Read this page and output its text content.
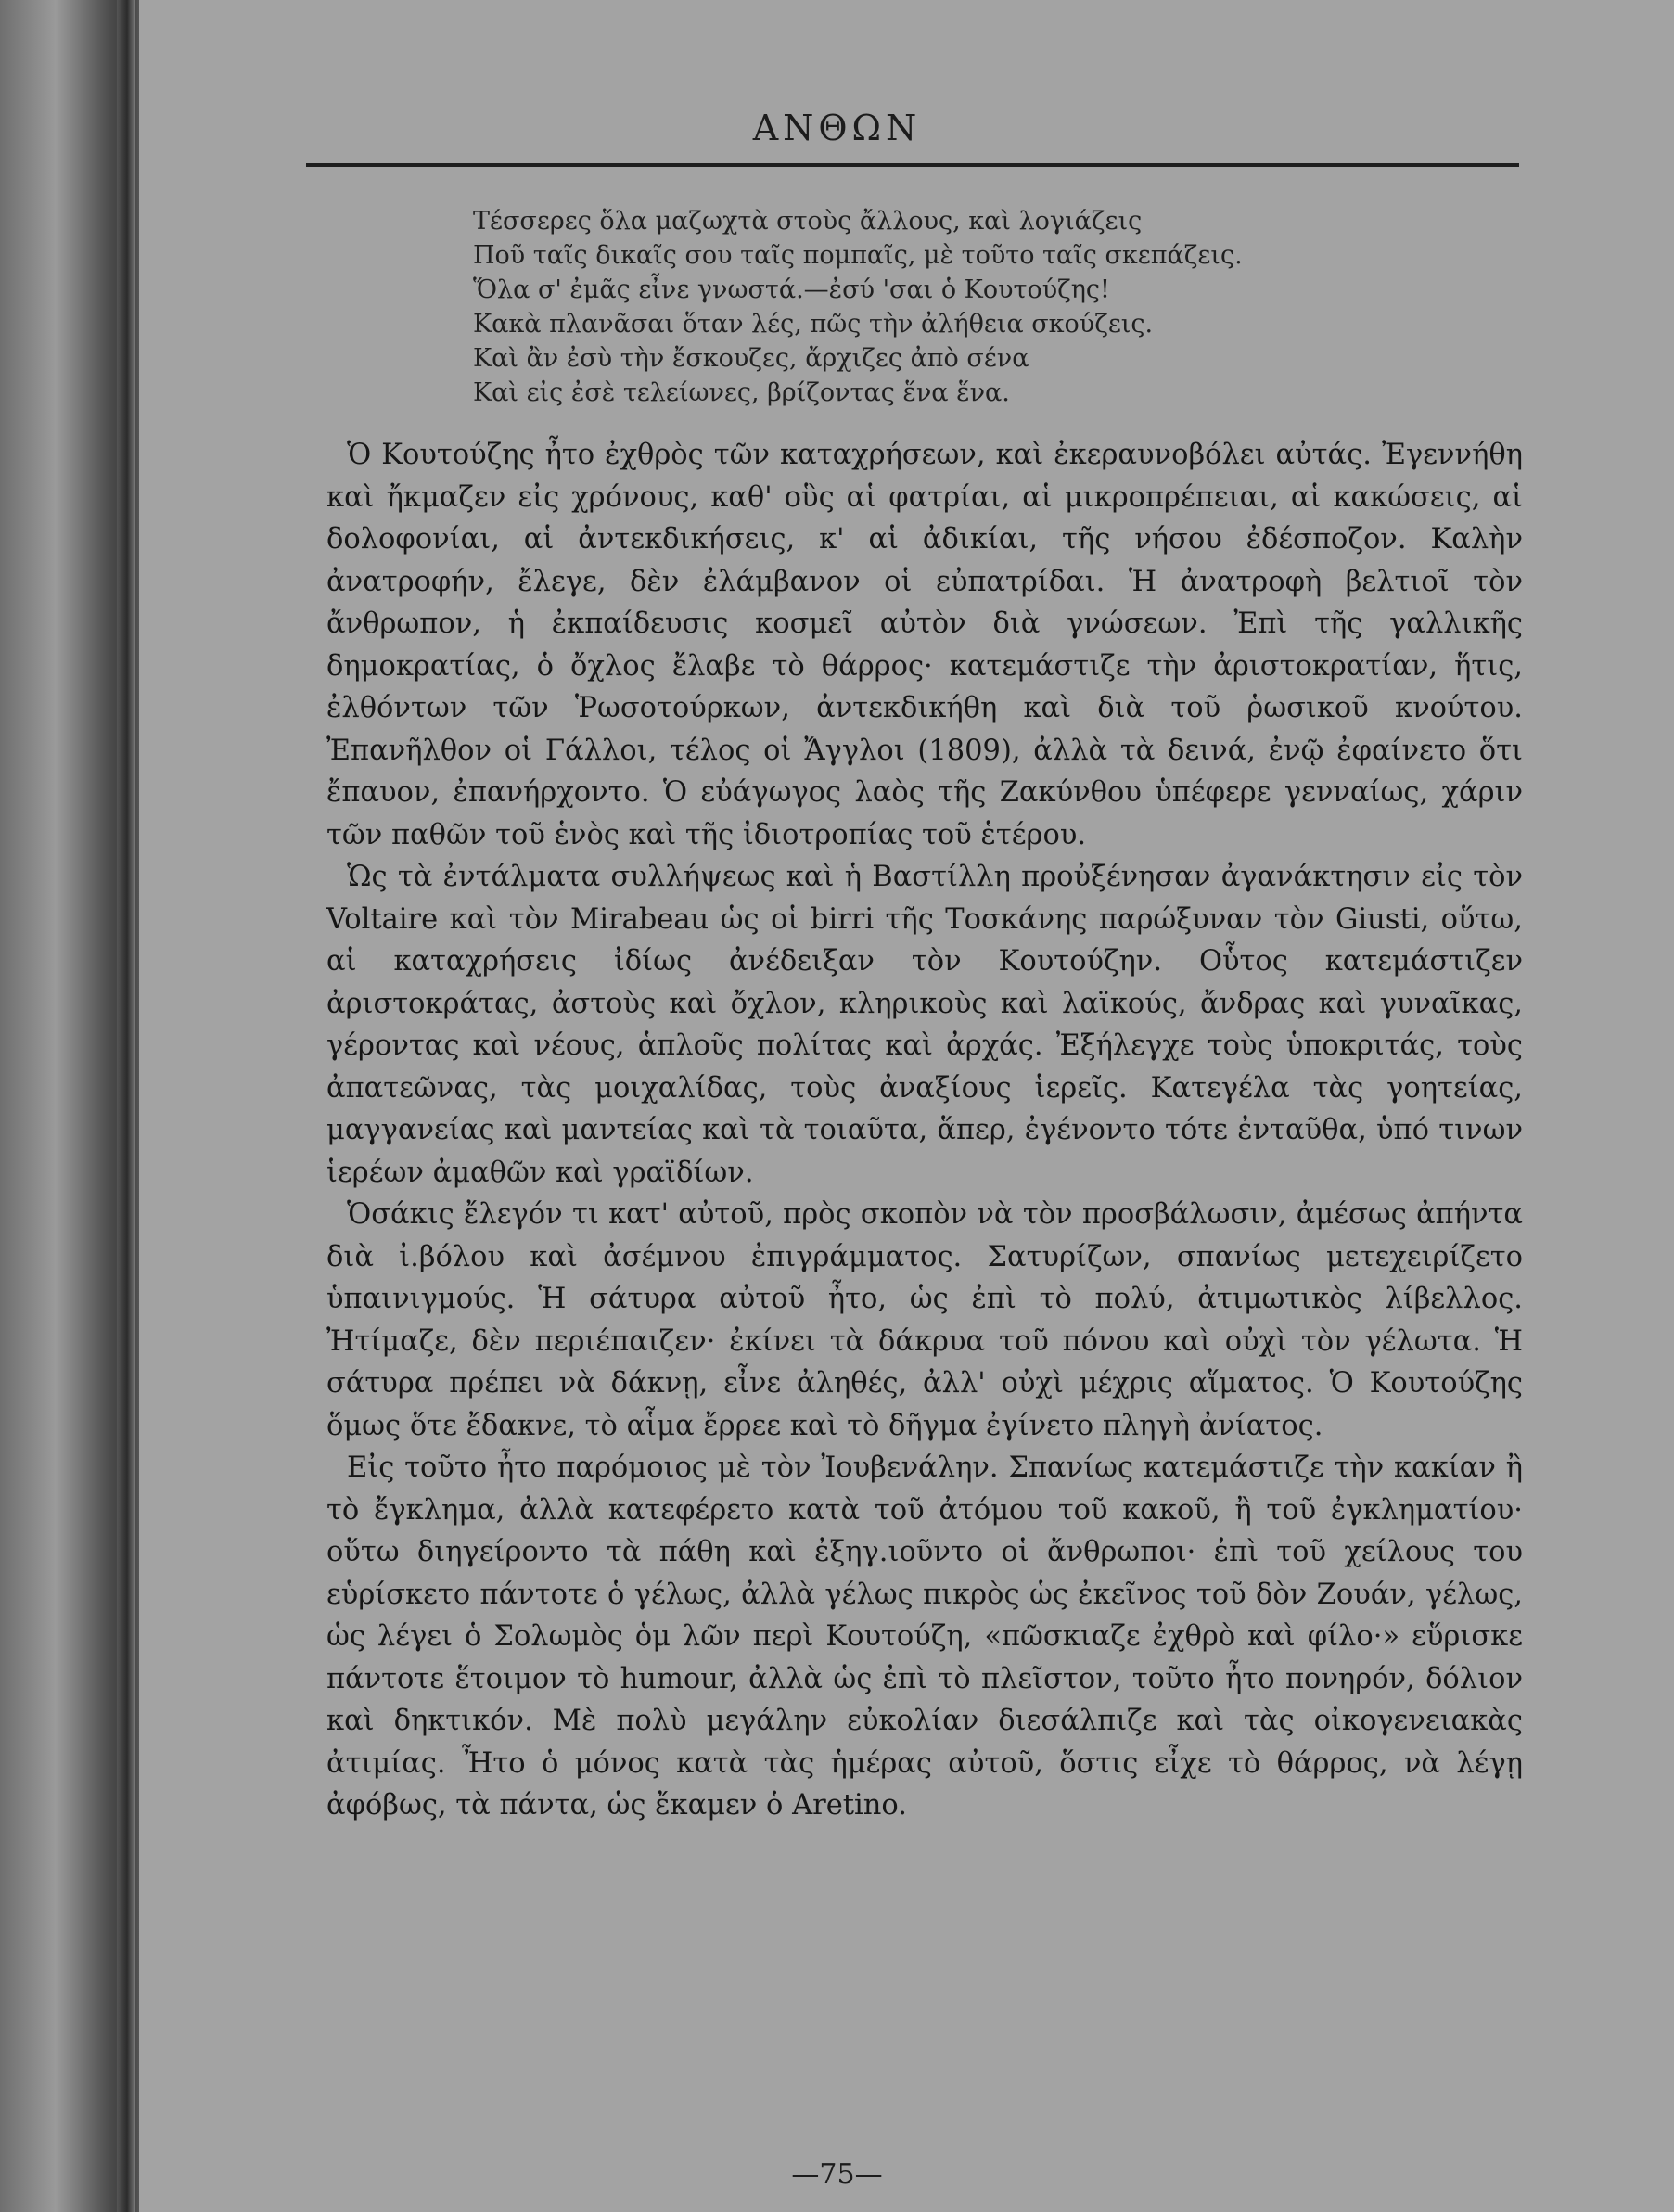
ΑΝΘΩΝ
Τέσσερες ὅλα μαζωχτὰ στοὺς ἄλλους, καὶ λογιάζεις
Ποῦ ταῖς δικαῖς σου ταῖς πομπαῖς, μὲ τοῦτο ταῖς σκεπάζεις.
Ὅλα σ' ἐμᾶς εἶνε γνωστά.—ἐσύ 'σαι ὁ Κουτούζης!
Κακὰ πλανᾶσαι ὅταν λές, πῶς τὴν ἀλήθεια σκούζεις.
Καὶ ἂν ἐσὺ τὴν ἔσκουζες, ἄρχιζες ἀπὸ σένα
Καὶ εἰς ἐσὲ τελείωνες, βρίζοντας ἕνα ἕνα.

Ὁ Κουτούζης ἦτο ἐχθρὸς τῶν καταχρήσεων, καὶ ἐκεραυνοβόλει αὐτάς. Ἐγεννήθη καὶ ἤκμαζεν εἰς χρόνους, καθ' οὓς αἱ φατρίαι, αἱ μικροπρέπειαι, αἱ κακώσεις, αἱ δολοφονίαι, αἱ ἀντεκδικήσεις, κ' αἱ ἀδικίαι, τῆς νήσου ἐδέσποζον. Καλὴν ἀνατροφήν, ἔλεγε, δὲν ἐλάμβανον οἱ εὐπατρίδαι. Ἡ ἀνατροφὴ βελτιοῖ τὸν ἄνθρωπον, ἡ ἐκπαίδευσις κοσμεῖ αὐτὸν διὰ γνώσεων. Ἐπὶ τῆς γαλλικῆς δημοκρατίας, ὁ ὄχλος ἔλαβε τὸ θάρρος· κατεμάστιζε τὴν ἀριστοκρατίαν, ἥτις, ἐλθόντων τῶν Ῥωσοτούρκων, ἀντεκδικήθη καὶ διὰ τοῦ ῥωσικοῦ κνούτου. Ἐπανῆλθον οἱ Γάλλοι, τέλος οἱ Ἄγγλοι (1809), ἀλλὰ τὰ δεινά, ἐνῷ ἐφαίνετο ὅτι ἔπαυον, ἐπανήρχοντο. Ὁ εὐάγωγος λαὸς τῆς Ζακύνθου ὑπέφερε γενναίως, χάριν τῶν παθῶν τοῦ ἑνὸς καὶ τῆς ἰδιοτροπίας τοῦ ἑτέρου.

Ὡς τὰ ἐντάλματα συλλήψεως καὶ ἡ Βαστίλλη προὐξένησαν ἀγανάκτησιν εἰς τὸν Voltaire καὶ τὸν Mirabeau ὡς οἱ birri τῆς Τοσκάνης παρώξυναν τὸν Giusti, οὕτω, αἱ καταχρήσεις ἰδίως ἀνέδειξαν τὸν Κουτούζην. Οὗτος κατεμάστιζεν ἀριστοκράτας, ἀστοὺς καὶ ὄχλον, κληρικοὺς καὶ λαϊκούς, ἄνδρας καὶ γυναῖκας, γέροντας καὶ νέους, ἁπλοῦς πολίτας καὶ ἀρχάς. Ἐξήλεγχε τοὺς ὑποκριτάς, τοὺς ἀπατεῶνας, τὰς μοιχαλίδας, τοὺς ἀναξίους ἱερεῖς. Κατεγέλα τὰς γοητείας, μαγγανείας καὶ μαντείας καὶ τὰ τοιαῦτα, ἅπερ, ἐγένοντο τότε ἐνταῦθα, ὑπό τινων ἱερέων ἀμαθῶν καὶ γραϊδίων.

Ὁσάκις ἔλεγόν τι κατ' αὐτοῦ, πρὸς σκοπὸν νὰ τὸν προσβάλωσιν, ἀμέσως ἀπήντα διὰ ἰ.βόλου καὶ ἀσέμνου ἐπιγράμματος. Σατυρίζων, σπανίως μετεχειρίζετο ὑπαινιγμούς. Ἡ σάτυρα αὐτοῦ ἦτο, ὡς ἐπὶ τὸ πολύ, ἀτιμωτικὸς λίβελλος. Ἠτίμαζε, δὲν περιέπαιζεν· ἐκίνει τὰ δάκρυα τοῦ πόνου καὶ οὐχὶ τὸν γέλωτα. Ἡ σάτυρα πρέπει νὰ δάκνῃ, εἶνε ἀληθές, ἀλλ' οὐχὶ μέχρις αἵματος. Ὁ Κουτούζης ὅμως ὅτε ἔδακνε, τὸ αἷμα ἔρρεε καὶ τὸ δῆγμα ἐγίνετο πληγὴ ἀνίατος.

Εἰς τοῦτο ἦτο παρόμοιος μὲ τὸν Ἰουβενάλην. Σπανίως κατεμάστιζε τὴν κακίαν ἢ τὸ ἔγκλημα, ἀλλὰ κατεφέρετο κατὰ τοῦ ἀτόμου τοῦ κακοῦ, ἢ τοῦ ἐγκληματίου· οὕτω διηγείροντο τὰ πάθη καὶ ἐξηγ.ιοῦντο οἱ ἄνθρωποι· ἐπὶ τοῦ χείλους του εὑρίσκετο πάντοτε ὁ γέλως, ἀλλὰ γέλως πικρὸς ὡς ἐκεῖνος τοῦ δὸν Ζουάν, γέλως, ὡς λέγει ὁ Σολωμὸς ὁμ λῶν περὶ Κουτούζη, «πῶσκιαζε ἐχθρὸ καὶ φίλο·» εὕρισκε πάντοτε ἕτοιμον τὸ humour, ἀλλὰ ὡς ἐπὶ τὸ πλεῖστον, τοῦτο ἦτο πονηρόν, δόλιον καὶ δηκτικόν. Μὲ πολὺ μεγάλην εὐκολίαν διεσάλπιζε καὶ τὰς οἰκογενειακὰς ἀτιμίας. Ἦτο ὁ μόνος κατὰ τὰς ἡμέρας αὐτοῦ, ὅστις εἶχε τὸ θάρρος, νὰ λέγῃ ἀφόβως, τὰ πάντα, ὡς ἔκαμεν ὁ Aretino.

—75—
